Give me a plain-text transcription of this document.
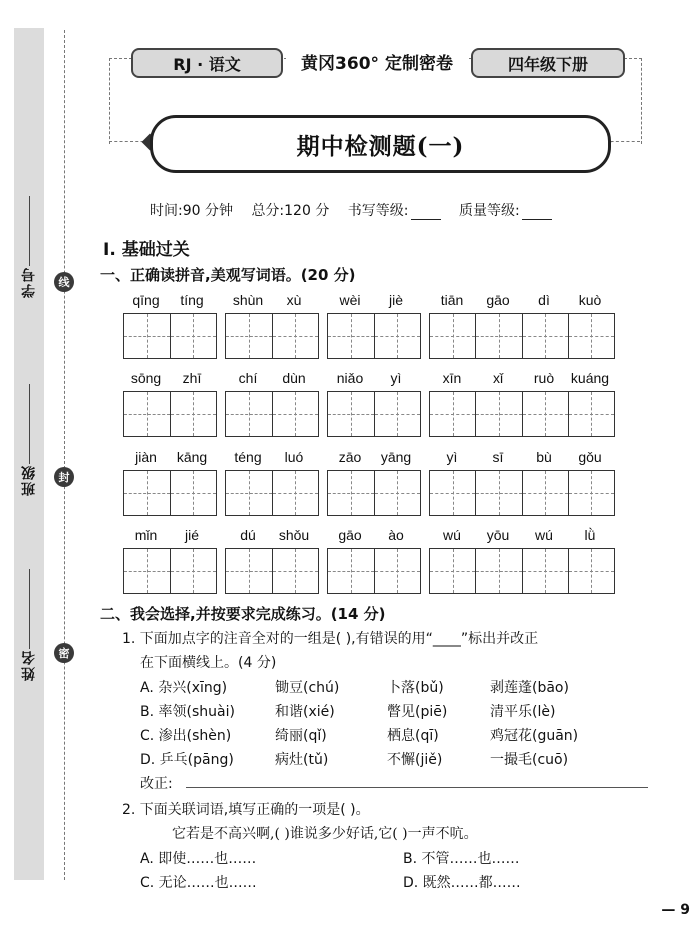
学号
班级
姓名
线
封
密
RJ · 语文	黄冈360° 定制密卷	四年级下册
期中检测题(一)
时间:90 分钟 总分:120 分 书写等级:	质量等级:
Ⅰ. 基础过关
一、正确读拼音,美观写词语。(20 分)
qīng	tíng	shùn	xù	wèi	jiè	tiān	gāo	dì	kuò
sōng	zhī	chí	dùn	niǎo	yì	xīn	xǐ	ruò	kuáng
jiàn	kāng	téng	luó	zāo	yāng	yì	sī	bù	gǒu
mǐn	jié	dú	shǒu	gāo	ào	wú	yōu	wú	lǜ
二、我会选择,并按要求完成练习。(14 分)
1. 下面加点字的注音全对的一组是( ),有错误的用“____”标出并改正
在下面横线上。(4 分)
A. 杂兴(xīng)	锄豆(chú)	卜落(bǔ)	剥莲蓬(bāo)
B. 率领(shuài)	和谐(xié)	瞥见(piē)	清平乐(lè)
C. 渗出(shèn)	绮丽(qǐ)	栖息(qī)	鸡冠花(guān)
D. 乒乓(pāng)	病灶(tǔ)	不懈(jiě)	一撮毛(cuō)
改正:
2. 下面关联词语,填写正确的一项是( )。
它若是不高兴啊,( )谁说多少好话,它( )一声不吭。
A. 即使……也……	B. 不管……也……
C. 无论……也……	D. 既然……都……
— 9
